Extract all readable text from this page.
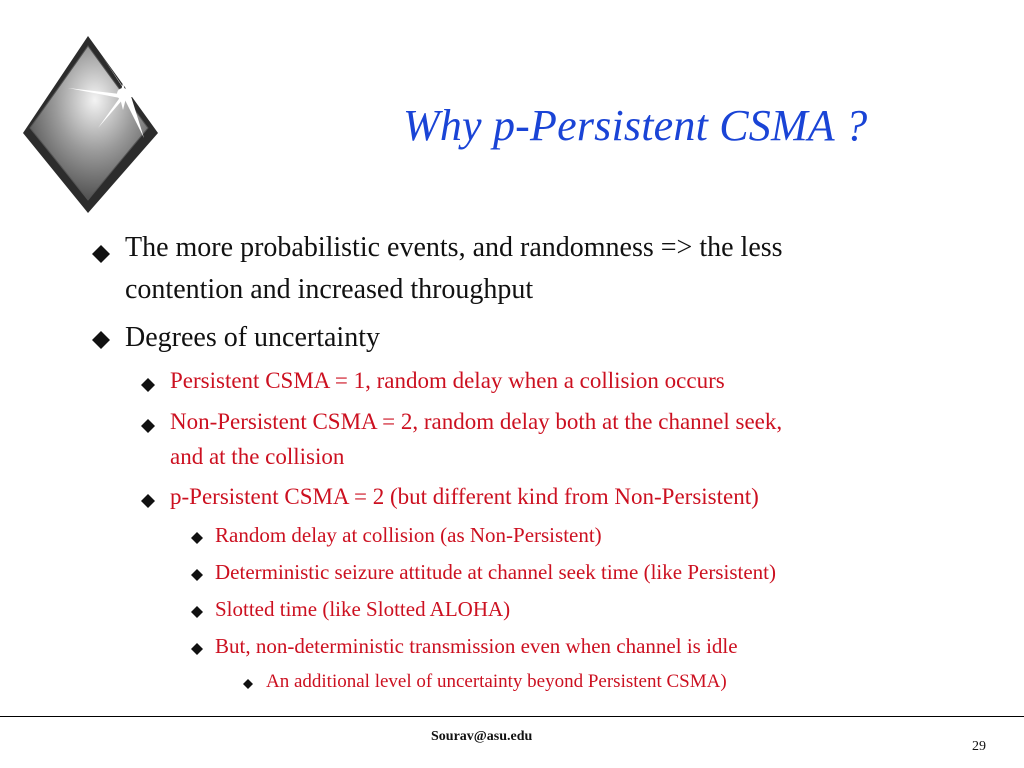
Why p-Persistent CSMA ?
The more probabilistic events, and randomness => the less
contention and increased throughput
Degrees of uncertainty
Persistent CSMA = 1, random delay when a collision occurs
Non-Persistent CSMA = 2, random delay both at the channel seek,
and at the collision
p-Persistent CSMA = 2 (but different kind from Non-Persistent)
Random delay at collision (as Non-Persistent)
Deterministic seizure attitude at channel seek time (like Persistent)
Slotted time (like Slotted ALOHA)
But, non-deterministic transmission even when channel is idle
An additional level of uncertainty beyond Persistent CSMA)
Sourav@asu.edu
29
